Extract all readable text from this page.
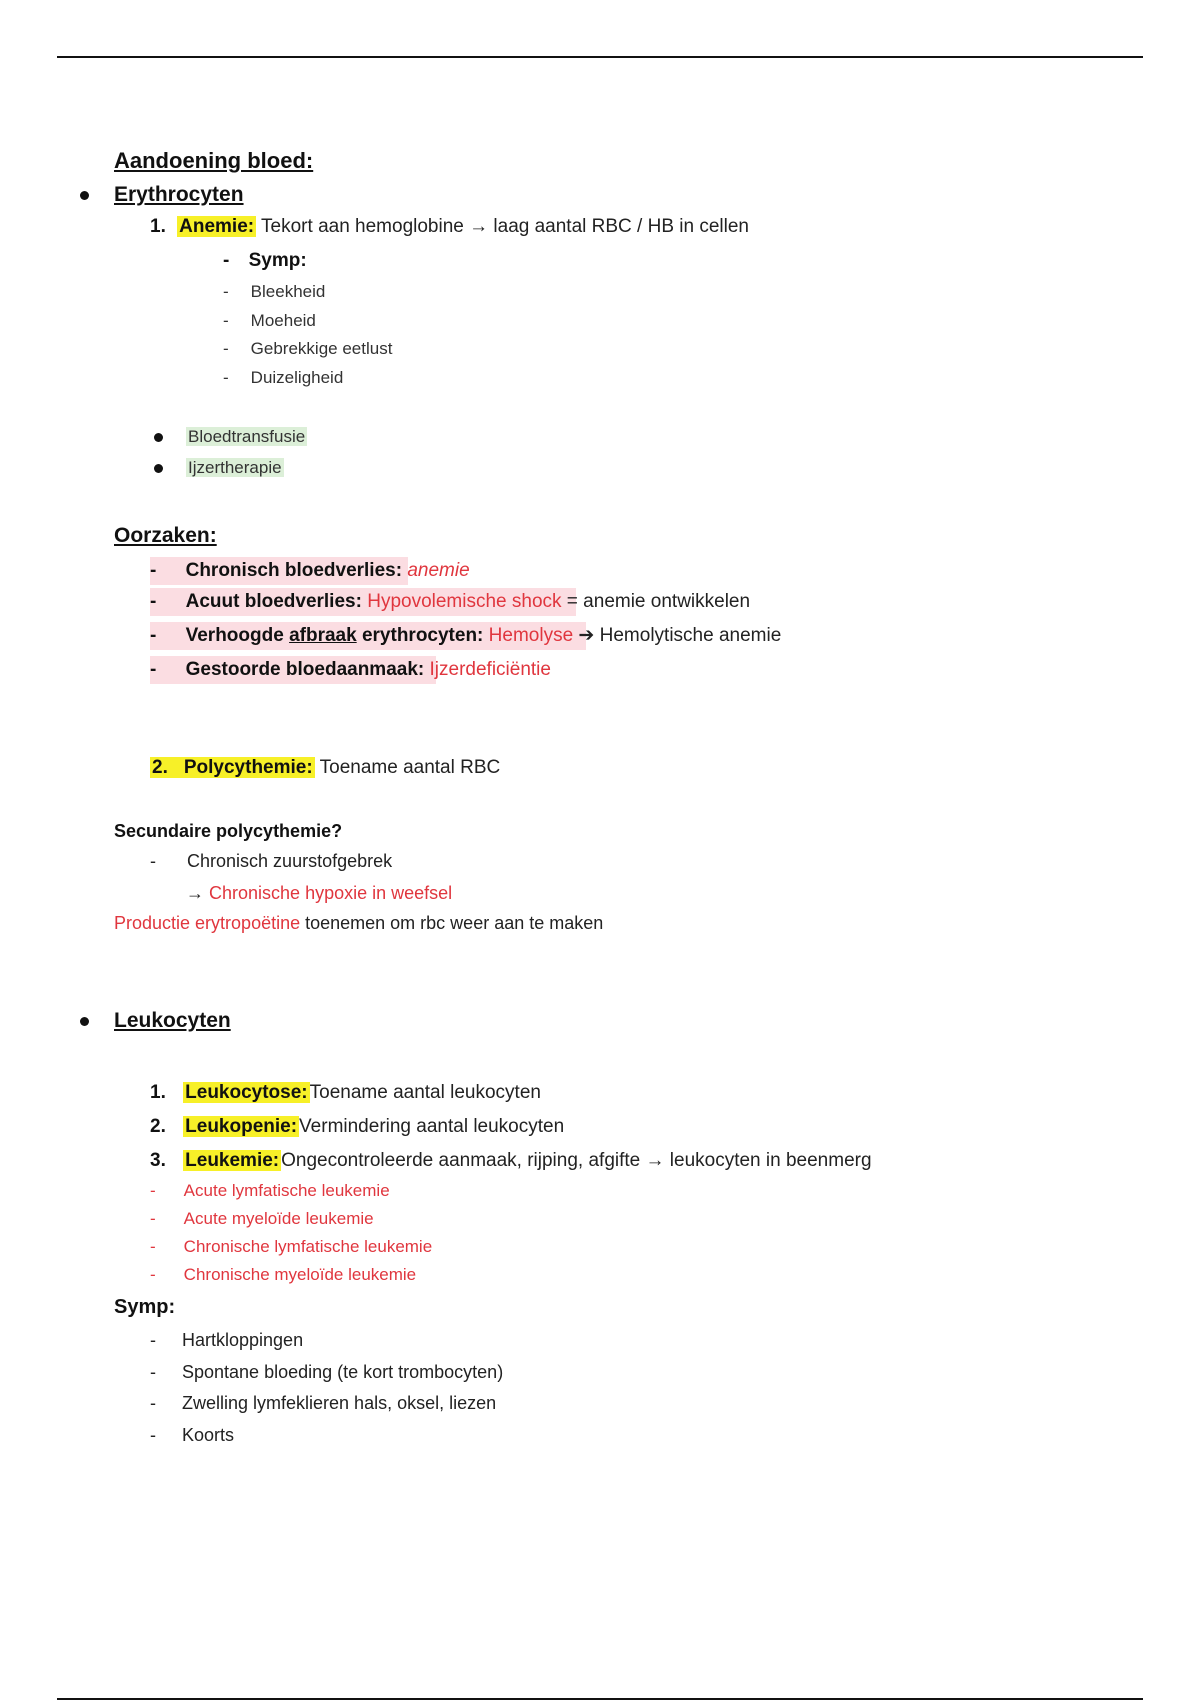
Aandoening bloed:
Erythrocyten
1. Anemie: Tekort aan hemoglobine → laag aantal RBC / HB in cellen
- Symp:
- Bleekheid
- Moeheid
- Gebrekkige eetlust
- Duizeligheid
Bloedtransfusie
Ijzertherapie
Oorzaken:
- Chronisch bloedverlies: anemie
- Acuut bloedverlies: Hypovolemische shock = anemie ontwikkelen
- Verhoogde afbraak erythrocyten: Hemolyse ➔ Hemolytische anemie
- Gestoorde bloedaanmaak: Ijzerdeficiëntie
2. Polycythemie: Toename aantal RBC
Secundaire polycythemie?
- Chronisch zuurstofgebrek
→ Chronische hypoxie in weefsel
Productie erytropoëtine toenemen om rbc weer aan te maken
Leukocyten
1. Leukocytose: Toename aantal leukocyten
2. Leukopenie: Vermindering aantal leukocyten
3. Leukemie: Ongecontroleerde aanmaak, rijping, afgifte → leukocyten in beenmerg
- Acute lymfatische leukemie
- Acute myeloïde leukemie
- Chronische lymfatische leukemie
- Chronische myeloïde leukemie
Symp:
- Hartkloppingen
- Spontane bloeding (te kort trombocyten)
- Zwelling lymfeklieren hals, oksel, liezen
- Koorts
